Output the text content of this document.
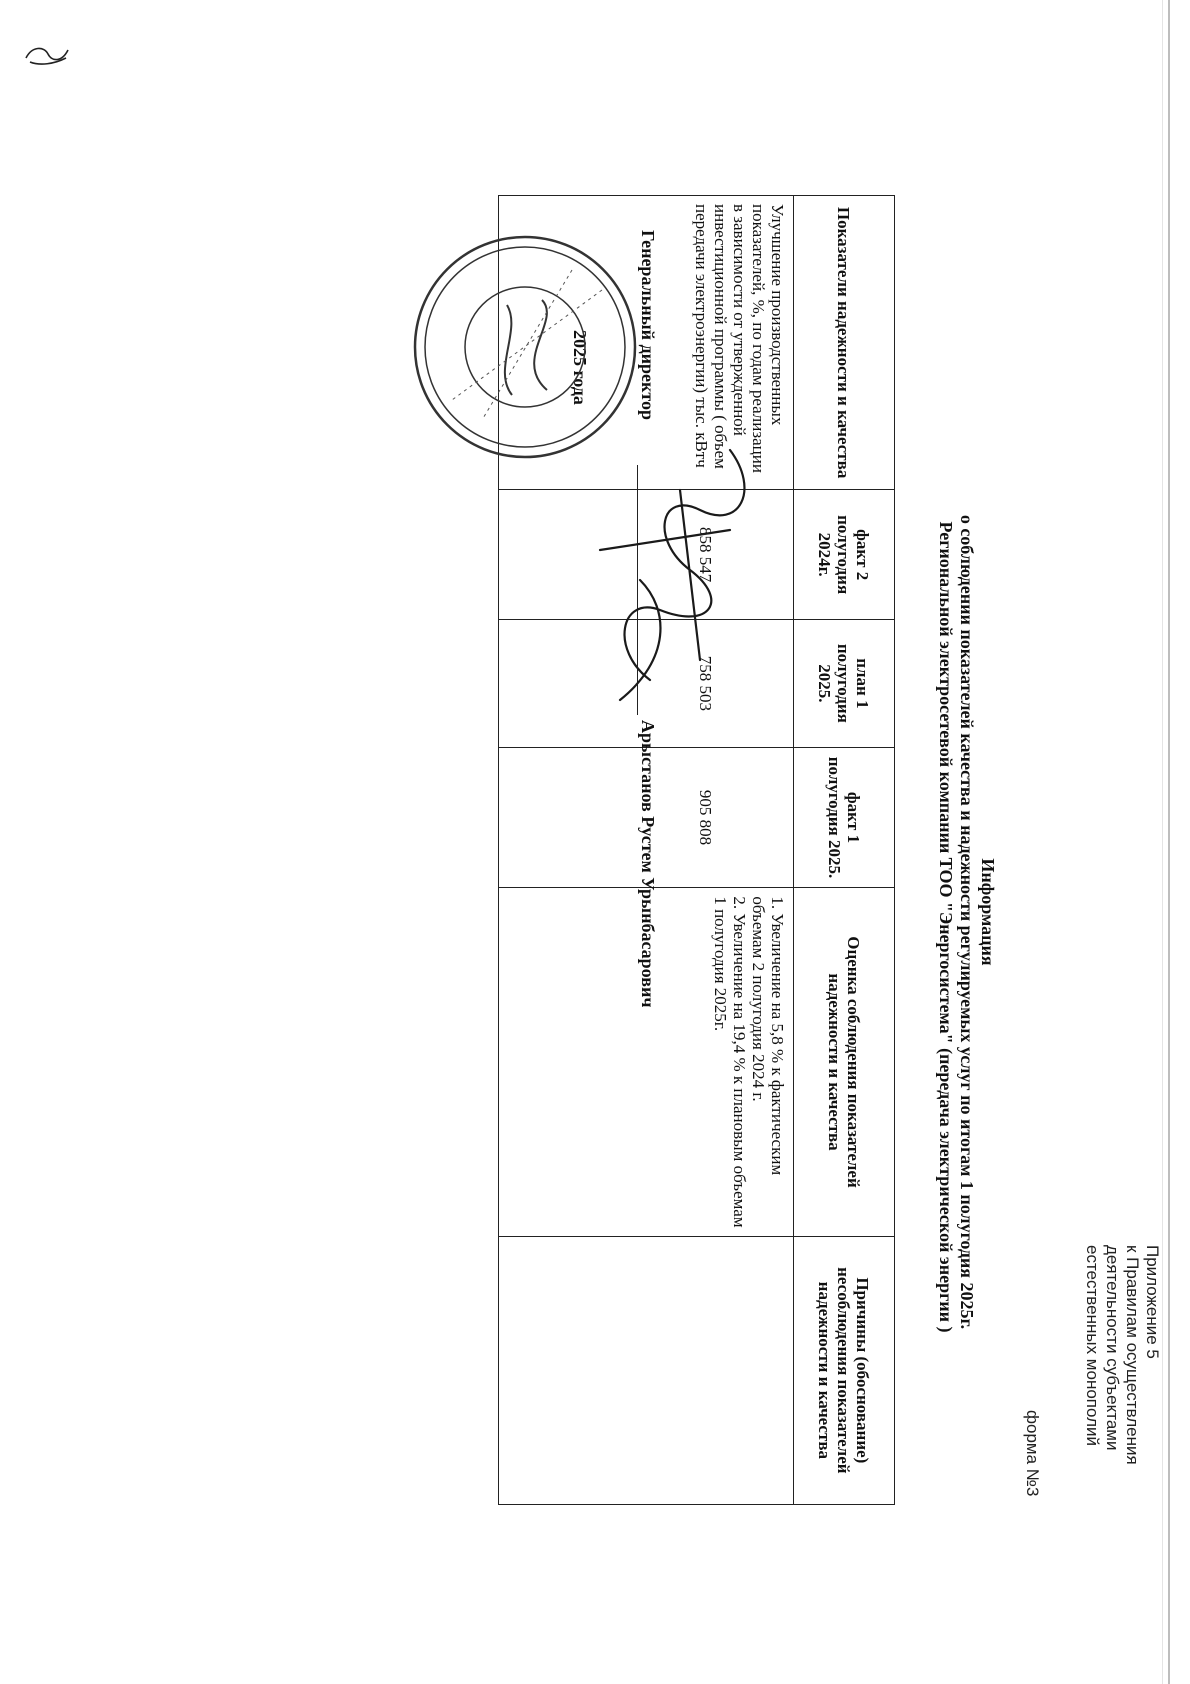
Приложение 5
к Правилам осуществления
деятельности субъектами
естественных монополий
форма №3
Информация
о соблюдении показателей качества и надежности регулируемых услуг по итогам 1 полугодия 2025г.
Региональной электросетевой компании ТОО "Энергосистема" (передача электрической энергии )
Показатели надежности и качества	факт 2 полугодия 2024г.	план 1 полугодия 2025.	факт 1 полугодия 2025.	Оценка соблюдения показателей надежности и качества	Причины (обоснование) несоблюдения показателей надежности и качества
Улучшение производственных показателей, %, по годам реализации в зависимости от утвержденной инвестиционной программы ( объем передачи электроэнергии) тыс. кВтч	858 547	758 503	905 808	1. Увеличение на 5,8 % к фактическим объемам 2 полугодия 2024 г.
2. Увеличение на 19,4 % к плановым объемам 1 полугодия 2025г.	
Генеральный директор
Арыстанов Рустем Урынбасарович
2025 года
